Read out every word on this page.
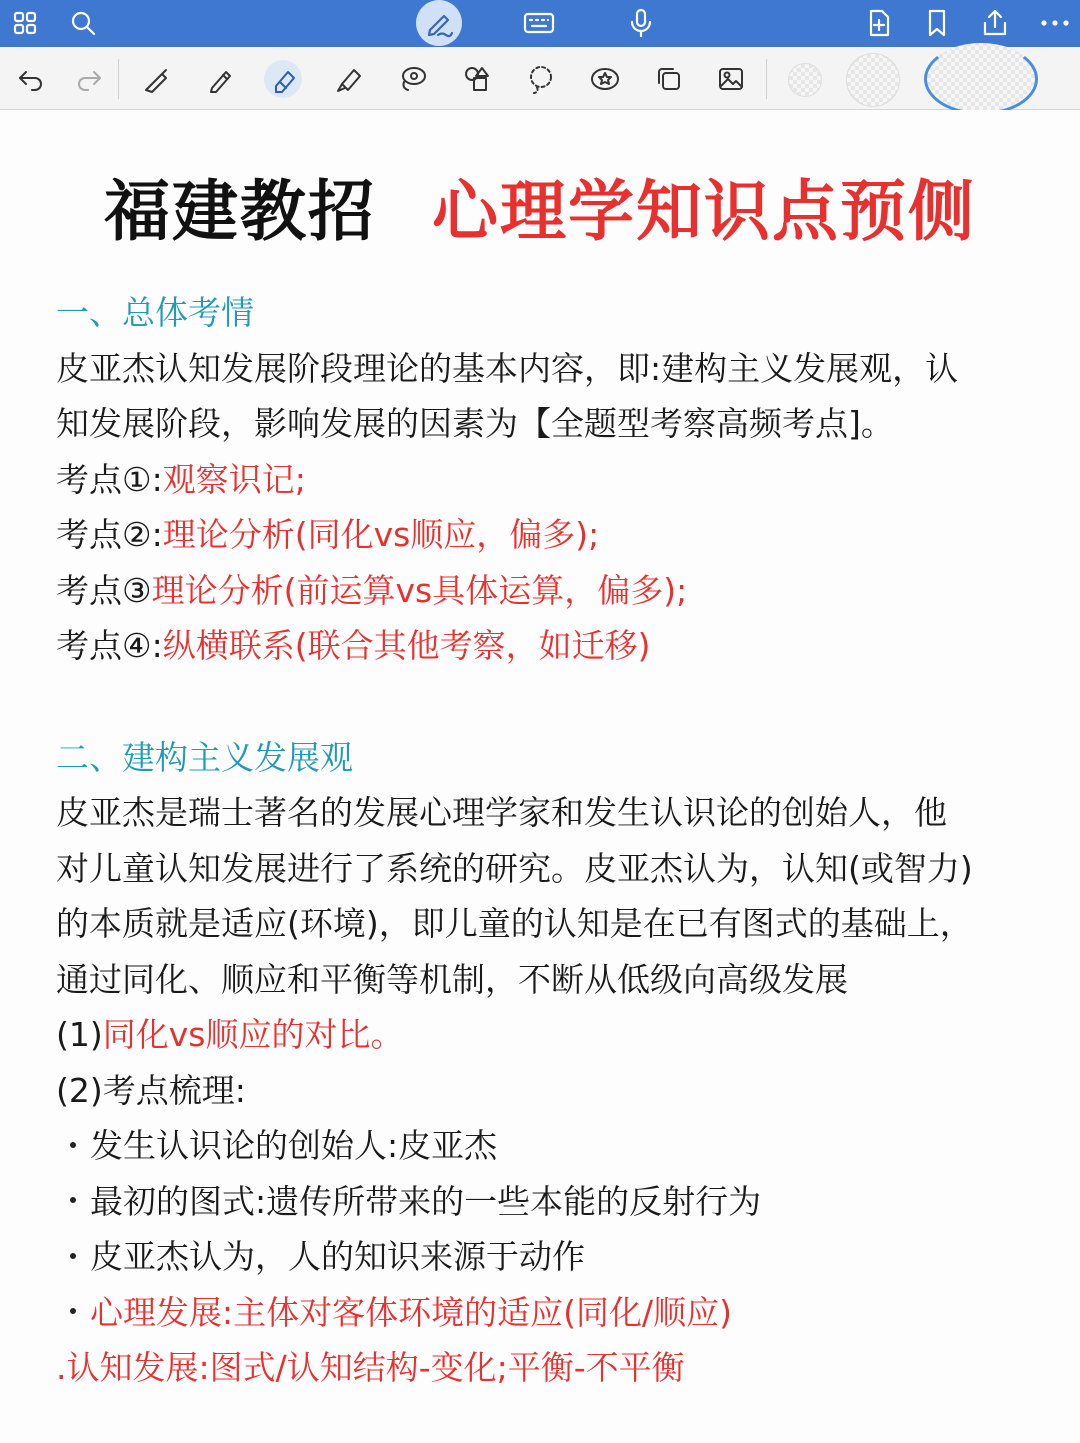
福建教招 心理学知识点预侧
一、总体考情
皮亚杰认知发展阶段理论的基本内容，即:建构主义发展观，认
知发展阶段，影响发展的因素为【全题型考察高频考点]。
考点①:观察识记;
考点②:理论分析(同化vs顺应，偏多);
考点③理论分析(前运算vs具体运算，偏多);
考点④:纵横联系(联合其他考察，如迁移)
二、建构主义发展观
皮亚杰是瑞士著名的发展心理学家和发生认识论的创始人，他
对儿童认知发展进行了系统的研究。皮亚杰认为，认知(或智力)
的本质就是适应(环境)，即儿童的认知是在已有图式的基础上，
通过同化、顺应和平衡等机制，不断从低级向高级发展
(1)同化vs顺应的对比。
(2)考点梳理:
发生认识论的创始人:皮亚杰
最初的图式:遗传所带来的一些本能的反射行为
皮亚杰认为，人的知识来源于动作
心理发展:主体对客体环境的适应(同化/顺应)
.认知发展:图式/认知结构-变化;平衡-不平衡
